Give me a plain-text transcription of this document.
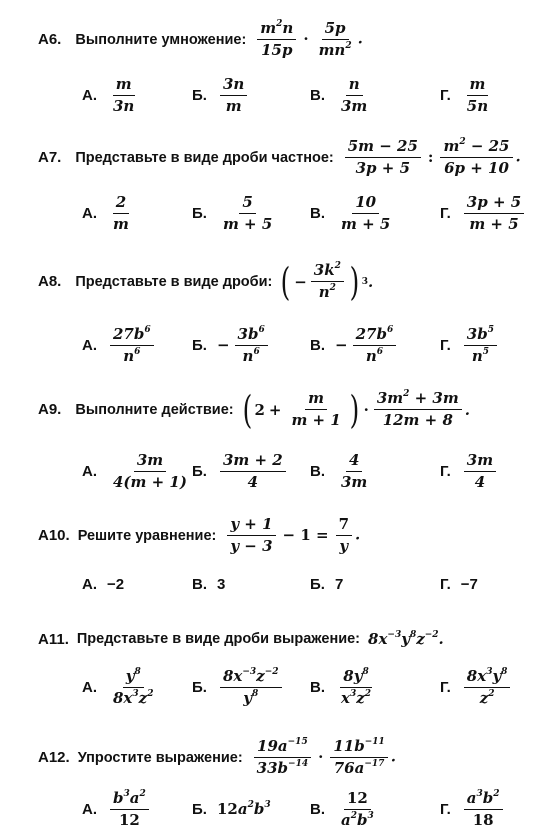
A6. Выполните умножение: $\frac{m^2n}{15p} \cdot \frac{5p}{mn^2}$ .
А. $\frac{m}{3n}$	Б. $\frac{3n}{m}$	В. $\frac{n}{3m}$	Г. $\frac{m}{5n}$
A7. Представьте в виде дроби частное: $\frac{5m - 25}{3p + 5}$ : $\frac{m^2 - 25}{6p + 10}$ .
А. $\frac{2}{m}$	Б. $\frac{5}{m + 5} В$. $\frac{10}{m + 5}$	Г. $\frac{3p + 5}{m + 5}$
A8. Представьте в виде дроби: ( − $\frac{3k^2}{n^2}$ ) 3 .
А. $\frac{27b^6}{n^6}$	Б. − $\frac{3b^6}{n^6}$	В. − $\frac{27b^6}{n^6}$	Г. $\frac{3b^5}{n^5}$
A9. Выполните действие: ( $2 + \frac{m}{m + 1}$ ) · $\frac{3m^2 + 3m}{12m + 8}$ .
А. $\frac{3m}{4(m + 1)} Б$. $\frac{3m + 2}{4} В$. $\frac{4}{3m}$	Г. $\frac{3m}{4}$
A10. Решите уравнение: $\frac{y + 1}{y - 3} - 1 = \frac{7}{y}$ .
А. −2	В. 3	Б. 7	Г. −7
A11. Представьте в виде дроби выражение: $8x^{-3}y^8z^{-2}$.
А. $\frac{y^8}{8x^3z^2} Б$. $\frac{8x^{-3}z^{-2}}{y^8} В$. $\frac{8y^8}{x^3z^2}$	Г. $\frac{8x^3y^8}{z^2}$
A12. Упростите выражение: $\frac{19a^{-15}}{33b^{-14}} \cdot \frac{11b^{-11}}{76a^{-17}}$ .
А. $\frac{b^3a^2}{12}$	Б. $12a^2b^3$	В. $\frac{12}{a^2b^3}$	Г. $\frac{a^3b^2}{18}$
